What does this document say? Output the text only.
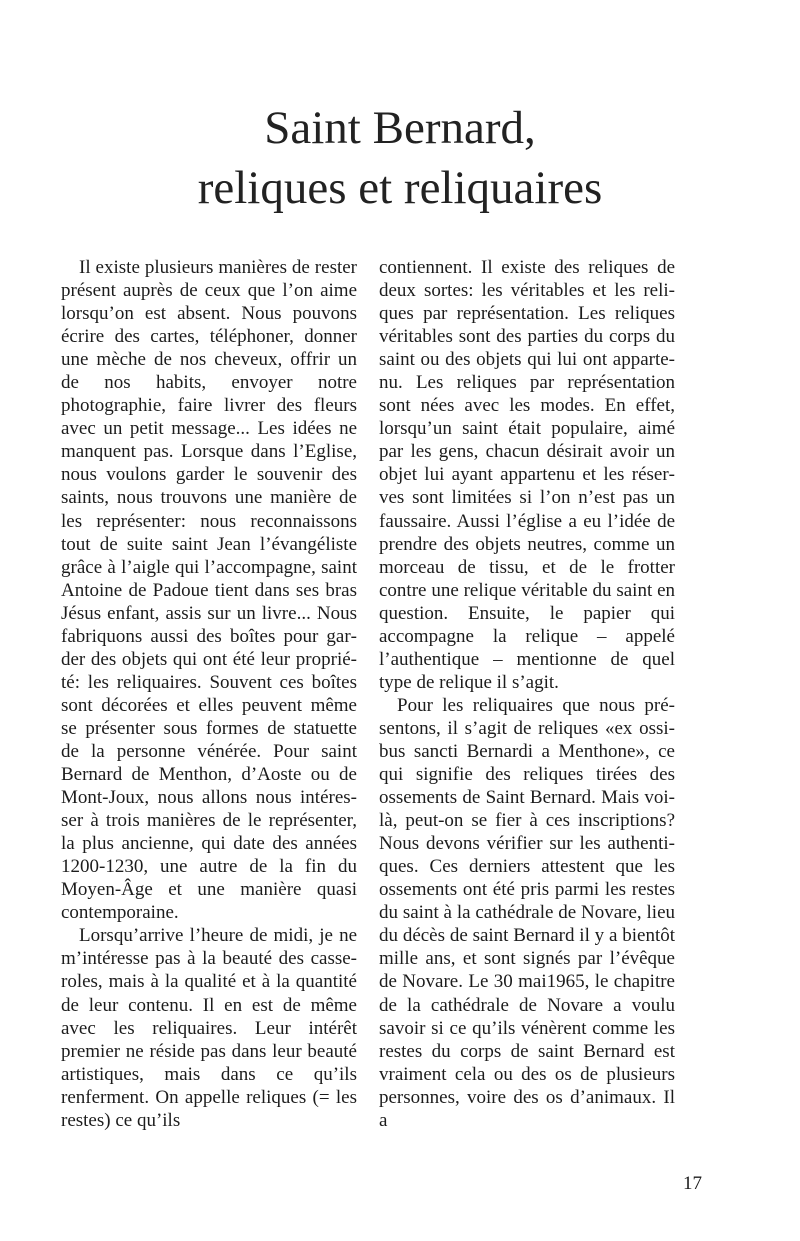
Saint Bernard,
reliques et reliquaires

Il existe plusieurs manières de rester présent auprès de ceux que l’on aime lorsqu’on est absent. Nous pouvons écrire des cartes, téléphoner, donner une mèche de nos cheveux, offrir un de nos habits, envoyer notre photographie, faire livrer des fleurs avec un petit message... Les idées ne manquent pas. Lorsque dans l’Eglise, nous voulons garder le souvenir des saints, nous trouvons une manière de les représenter: nous reconnaissons tout de suite saint Jean l’évangéliste grâce à l’aigle qui l’accompagne, saint Antoine de Padoue tient dans ses bras Jésus enfant, assis sur un livre... Nous fabriquons aussi des boîtes pour garder des objets qui ont été leur propriété: les reliquaires. Souvent ces boîtes sont décorées et elles peuvent même se présenter sous formes de statuette de la personne vénérée. Pour saint Bernard de Menthon, d’Aoste ou de Mont-Joux, nous allons nous intéresser à trois manières de le représenter, la plus ancienne, qui date des années 1200-1230, une autre de la fin du Moyen-Âge et une manière quasi contemporaine.

Lorsqu’arrive l’heure de midi, je ne m’intéresse pas à la beauté des casseroles, mais à la qualité et à la quantité de leur contenu. Il en est de même avec les reliquaires. Leur intérêt premier ne réside pas dans leur beauté artistiques, mais dans ce qu’ils renferment. On appelle reliques (= les restes) ce qu’ils

contiennent. Il existe des reliques de deux sortes: les véritables et les reliques par représentation. Les reliques véritables sont des parties du corps du saint ou des objets qui lui ont appartenu. Les reliques par représentation sont nées avec les modes. En effet, lorsqu’un saint était populaire, aimé par les gens, chacun désirait avoir un objet lui ayant appartenu et les réserves sont limitées si l’on n’est pas un faussaire. Aussi l’église a eu l’idée de prendre des objets neutres, comme un morceau de tissu, et de le frotter contre une relique véritable du saint en question. Ensuite, le papier qui accompagne la relique – appelé l’authentique – mentionne de quel type de relique il s’agit.

Pour les reliquaires que nous présentons, il s’agit de reliques «ex ossibus sancti Bernardi a Menthone», ce qui signifie des reliques tirées des ossements de Saint Bernard. Mais voilà, peut-on se fier à ces inscriptions? Nous devons vérifier sur les authentiques. Ces derniers attestent que les ossements ont été pris parmi les restes du saint à la cathédrale de Novare, lieu du décès de saint Bernard il y a bientôt mille ans, et sont signés par l’évêque de Novare. Le 30 mai1965, le chapitre de la cathédrale de Novare a voulu savoir si ce qu’ils vénèrent comme les restes du corps de saint Bernard est vraiment cela ou des os de plusieurs personnes, voire des os d’animaux. Il a

17
